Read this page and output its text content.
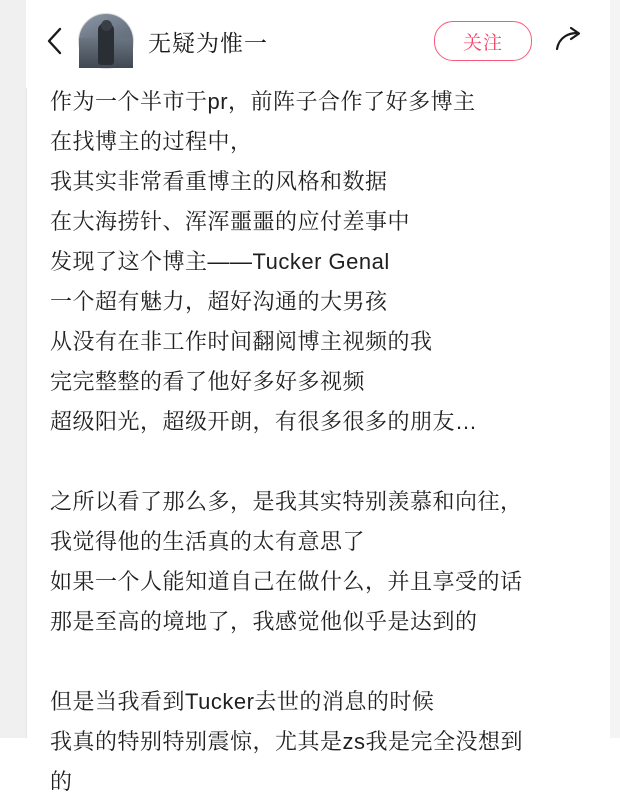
作为一个半市于pr，前阵子合作了好多博主
在找博主的过程中，
我其实非常看重博主的风格和数据
在大海捞针、浑浑噩噩的应付差事中
发现了这个博主——Tucker Genal
一个超有魅力，超好沟通的大男孩
从没有在非工作时间翻阅博主视频的我
完完整整的看了他好多好多视频
超级阳光，超级开朗，有很多很多的朋友…
之所以看了那么多，是我其实特别羡慕和向往，
我觉得他的生活真的太有意思了
如果一个人能知道自己在做什么，并且享受的话
那是至高的境地了，我感觉他似乎是达到的
但是当我看到Tucker去世的消息的时候
我真的特别特别震惊，尤其是zs我是完全没想到
的
无疑为惟一	关注
